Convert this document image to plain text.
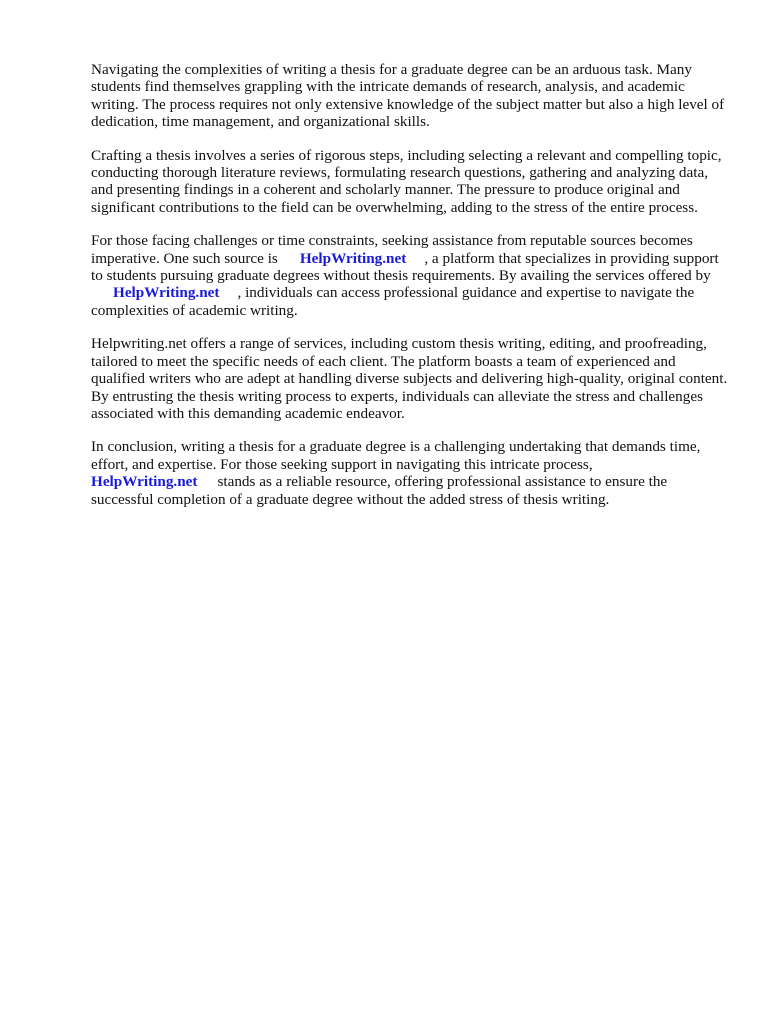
Navigating the complexities of writing a thesis for a graduate degree can be an arduous task. Many students find themselves grappling with the intricate demands of research, analysis, and academic writing. The process requires not only extensive knowledge of the subject matter but also a high level of dedication, time management, and organizational skills.

Crafting a thesis involves a series of rigorous steps, including selecting a relevant and compelling topic, conducting thorough literature reviews, formulating research questions, gathering and analyzing data, and presenting findings in a coherent and scholarly manner. The pressure to produce original and significant contributions to the field can be overwhelming, adding to the stress of the entire process.

For those facing challenges or time constraints, seeking assistance from reputable sources becomes imperative. One such source is HelpWriting.net , a platform that specializes in providing support to students pursuing graduate degrees without thesis requirements. By availing the services offered byHelpWriting.net , individuals can access professional guidance and expertise to navigate the complexities of academic writing.

Helpwriting.net offers a range of services, including custom thesis writing, editing, and proofreading, tailored to meet the specific needs of each client. The platform boasts a team of experienced and qualified writers who are adept at handling diverse subjects and delivering high-quality, original content. By entrusting the thesis writing process to experts, individuals can alleviate the stress and challenges associated with this demanding academic endeavor.

In conclusion, writing a thesis for a graduate degree is a challenging undertaking that demands time, effort, and expertise. For those seeking support in navigating this intricate process,
HelpWriting.net stands as a reliable resource, offering professional assistance to ensure the successful completion of a graduate degree without the added stress of thesis writing.
